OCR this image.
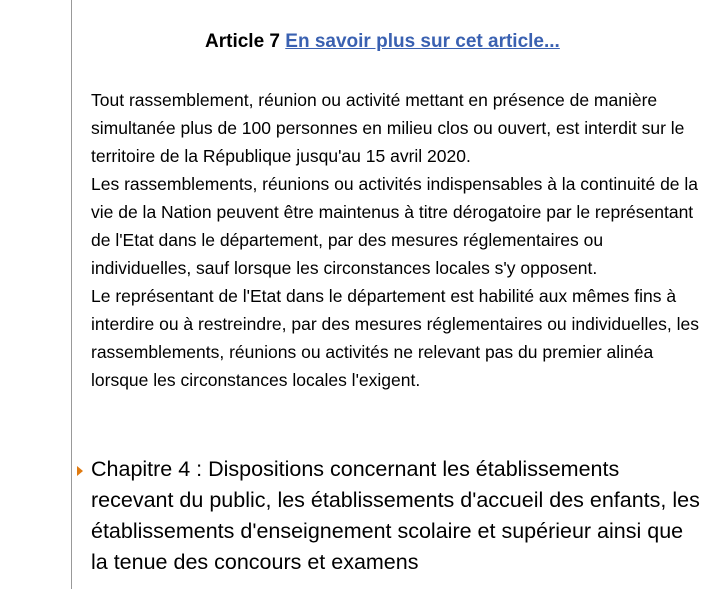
Article 7 En savoir plus sur cet article...

Tout rassemblement, réunion ou activité mettant en présence de manière simultanée plus de 100 personnes en milieu clos ou ouvert, est interdit sur le territoire de la République jusqu'au 15 avril 2020.

Les rassemblements, réunions ou activités indispensables à la continuité de la vie de la Nation peuvent être maintenus à titre dérogatoire par le représentant de l'Etat dans le département, par des mesures réglementaires ou individuelles, sauf lorsque les circonstances locales s'y opposent.

Le représentant de l'Etat dans le département est habilité aux mêmes fins à interdire ou à restreindre, par des mesures réglementaires ou individuelles, les rassemblements, réunions ou activités ne relevant pas du premier alinéa lorsque les circonstances locales l'exigent.

Chapitre 4 : Dispositions concernant les établissements recevant du public, les établissements d'accueil des enfants, les établissements d'enseignement scolaire et supérieur ainsi que la tenue des concours et examens
